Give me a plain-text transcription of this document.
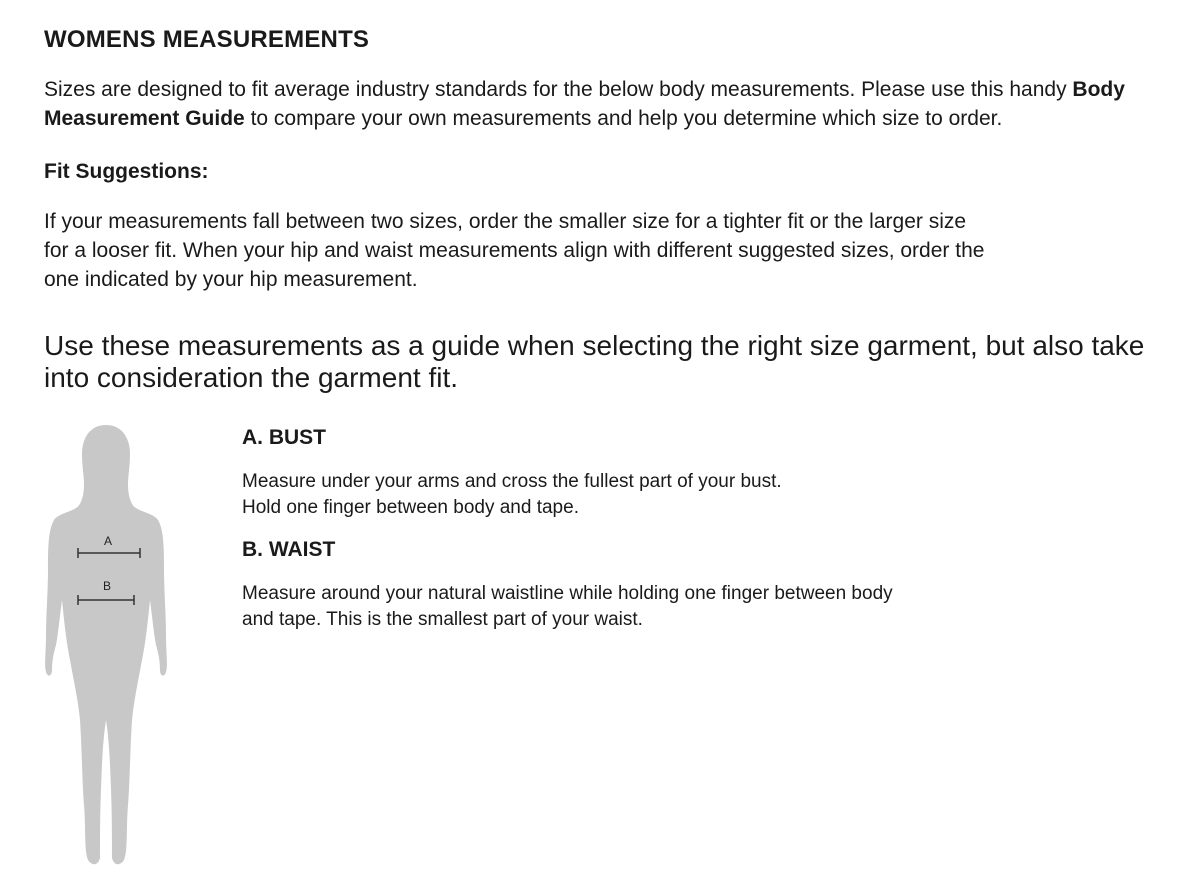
WOMENS MEASUREMENTS

Sizes are designed to fit average industry standards for the below body measurements. Please use this handy Body Measurement Guide to compare your own measurements and help you determine which size to order.

Fit Suggestions:

If your measurements fall between two sizes, order the smaller size for a tighter fit or the larger size
for a looser fit. When your hip and waist measurements align with different suggested sizes, order the
one indicated by your hip measurement.

Use these measurements as a guide when selecting the right size garment, but also take into consideration the garment fit.

A
B
A. BUST

Measure under your arms and cross the fullest part of your bust.
Hold one finger between body and tape.

B. WAIST

Measure around your natural waistline while holding one finger between body
and tape. This is the smallest part of your waist.
